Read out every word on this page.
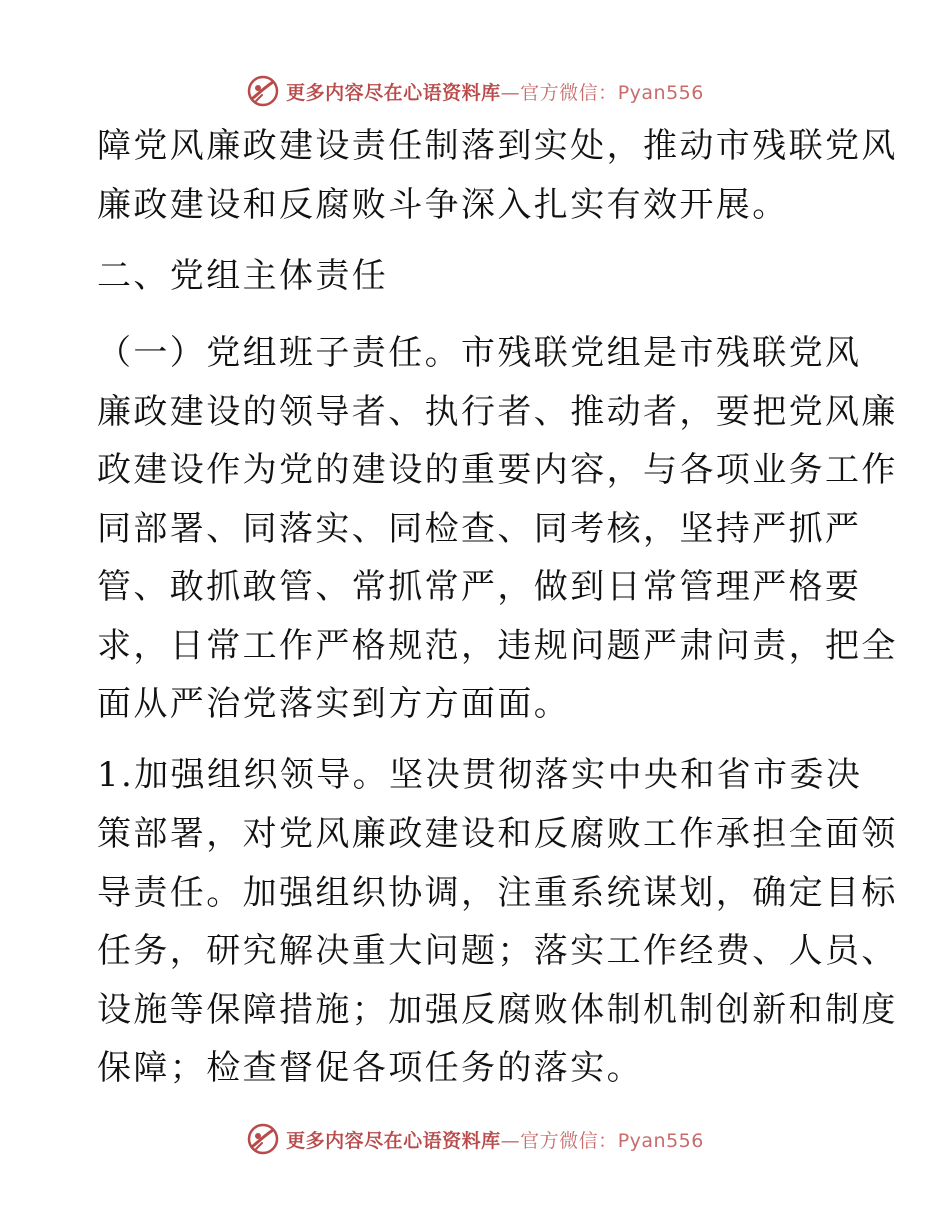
更多内容尽在心语资料库—官方微信：Pyan556
障党风廉政建设责任制落到实处，推动市残联党风
廉政建设和反腐败斗争深入扎实有效开展。
二、党组主体责任
（一）党组班子责任。市残联党组是市残联党风
廉政建设的领导者、执行者、推动者，要把党风廉
政建设作为党的建设的重要内容，与各项业务工作
同部署、同落实、同检查、同考核，坚持严抓严
管、敢抓敢管、常抓常严，做到日常管理严格要
求，日常工作严格规范，违规问题严肃问责，把全
面从严治党落实到方方面面。
1.加强组织领导。坚决贯彻落实中央和省市委决
策部署，对党风廉政建设和反腐败工作承担全面领
导责任。加强组织协调，注重系统谋划，确定目标
任务，研究解决重大问题；落实工作经费、人员、
设施等保障措施；加强反腐败体制机制创新和制度
保障；检查督促各项任务的落实。
更多内容尽在心语资料库—官方微信：Pyan556
